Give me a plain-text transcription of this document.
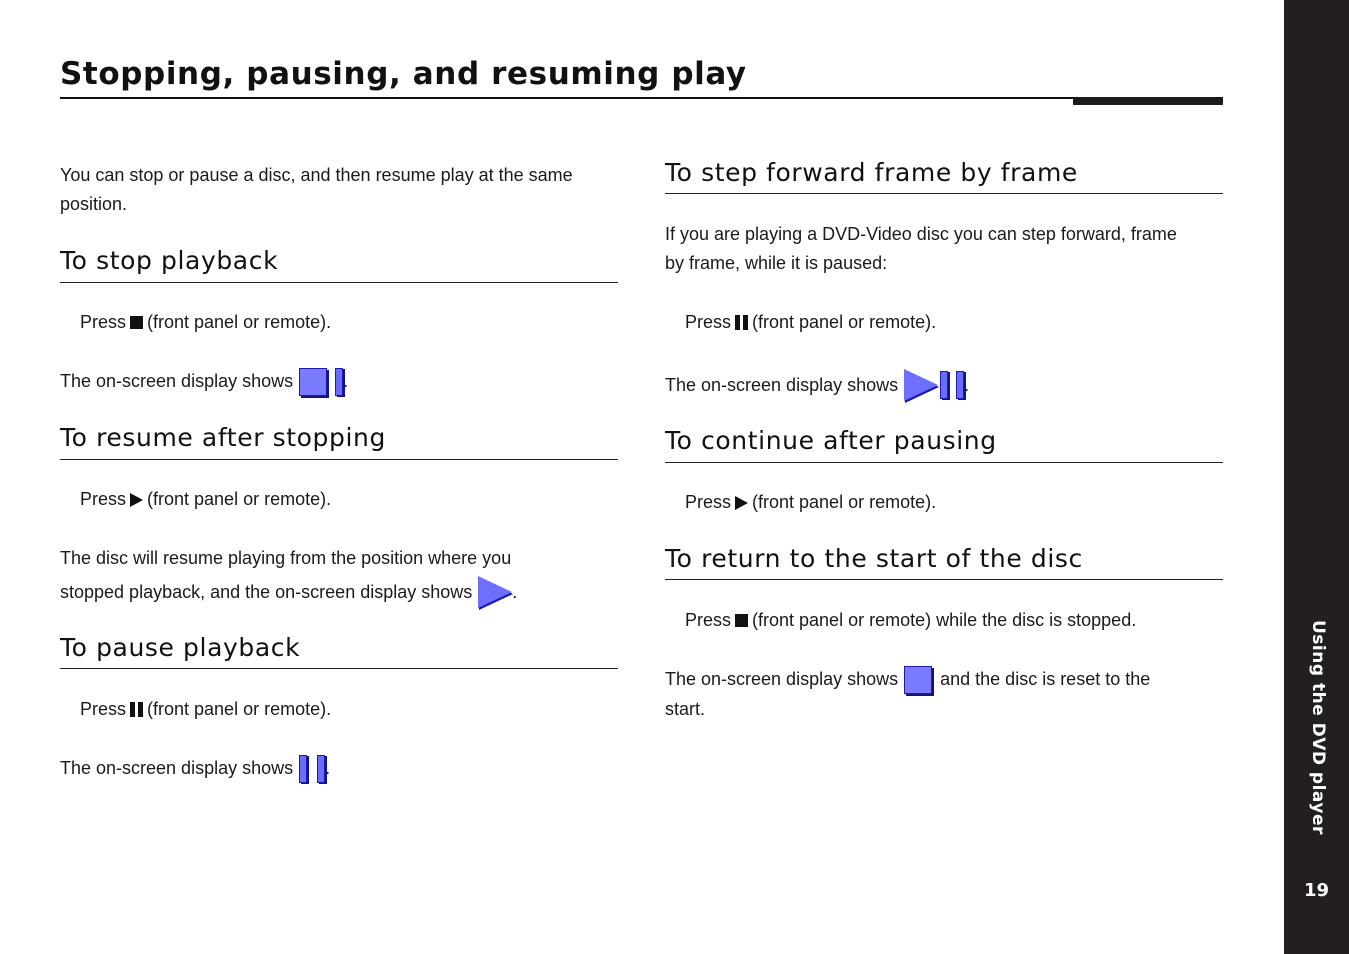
Stopping, pausing, and resuming play
Using the DVD player
19
You can stop or pause a disc, and then resume play at the same
position.
To stop playback
Press (front panel or remote).
The on-screen display shows	.
To resume after stopping
Press (front panel or remote).
The disc will resume playing from the position where you
stopped playback, and the on-screen display shows .
To pause playback
Press (front panel or remote).
The on-screen display shows .
To step forward frame by frame
If you are playing a DVD-Video disc you can step forward, frame
by frame, while it is paused:
Press (front panel or remote).
The on-screen display shows	.
To continue after pausing
Press (front panel or remote).
To return to the start of the disc
Press (front panel or remote) while the disc is stopped.
The on-screen display shows and the disc is reset to the
start.
